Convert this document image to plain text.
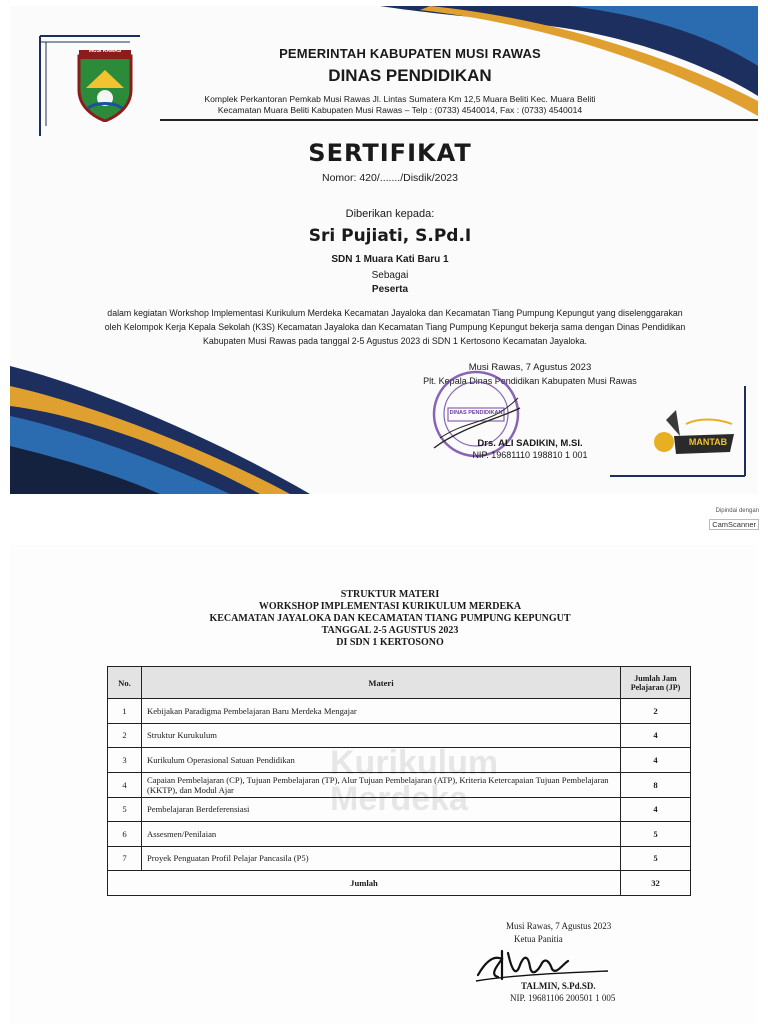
MUSI RAWAS	PEMERINTAH KABUPATEN MUSI RAWAS
DINAS PENDIDIKAN
Komplek Perkantoran Pemkab Musi Rawas Jl. Lintas Sumatera Km 12,5 Muara Beliti Kec. Muara Beliti
Kecamatan Muara Beliti Kabupaten Musi Rawas – Telp : (0733) 4540014, Fax : (0733) 4540014
SERTIFIKAT
Nomor: 420/......./Disdik/2023
Diberikan kepada:
Sri Pujiati, S.Pd.I
SDN 1 Muara Kati Baru 1
Sebagai
Peserta
dalam kegiatan Workshop Implementasi Kurikulum Merdeka Kecamatan Jayaloka dan Kecamatan Tiang Pumpung Kepungut yang diselenggarakan oleh Kelompok Kerja Kepala Sekolah (K3S) Kecamatan Jayaloka dan Kecamatan Tiang Pumpung Kepungut bekerja sama dengan Dinas Pendidikan Kabupaten Musi Rawas pada tanggal 2-5 Agustus 2023 di SDN 1 Kertosono Kecamatan Jayaloka.
Musi Rawas, 7 Agustus 2023
Plt. Kepala Dinas Pendidikan Kabupaten Musi Rawas
DINAS PENDIDIKAN
Drs. ALI SADIKIN, M.SI.
NIP. 19681110 198810 1 001
MANTAB
Dipindai dengan
CamScanner
STRUKTUR MATERI
WORKSHOP IMPLEMENTASI KURIKULUM MERDEKA
KECAMATAN JAYALOKA DAN KECAMATAN TIANG PUMPUNG KEPUNGUT
TANGGAL 2-5 AGUSTUS 2023
DI SDN 1 KERTOSONO
Kurikulum
Merdeka
No.	Materi	Jumlah Jam Pelajaran (JP)
1	Kebijakan Paradigma Pembelajaran Baru Merdeka Mengajar	2
2	Struktur Kurukulum	4
3	Kurikulum Operasional Satuan Pendidikan	4
4	Capaian Pembelajaran (CP), Tujuan Pembelajaran (TP), Alur Tujuan Pembelajaran (ATP), Kriteria Ketercapaian Tujuan Pembelajaran (KKTP), dan Modul Ajar	8
5	Pembelajaran Berdeferensiasi	4
6	Assesmen/Penilaian	5
7	Proyek Penguatan Profil Pelajar Pancasila (P5)	5
Jumlah		32
Musi Rawas, 7 Agustus 2023
Ketua Panitia
TALMIN, S.Pd.SD.
NIP. 19681106 200501 1 005
